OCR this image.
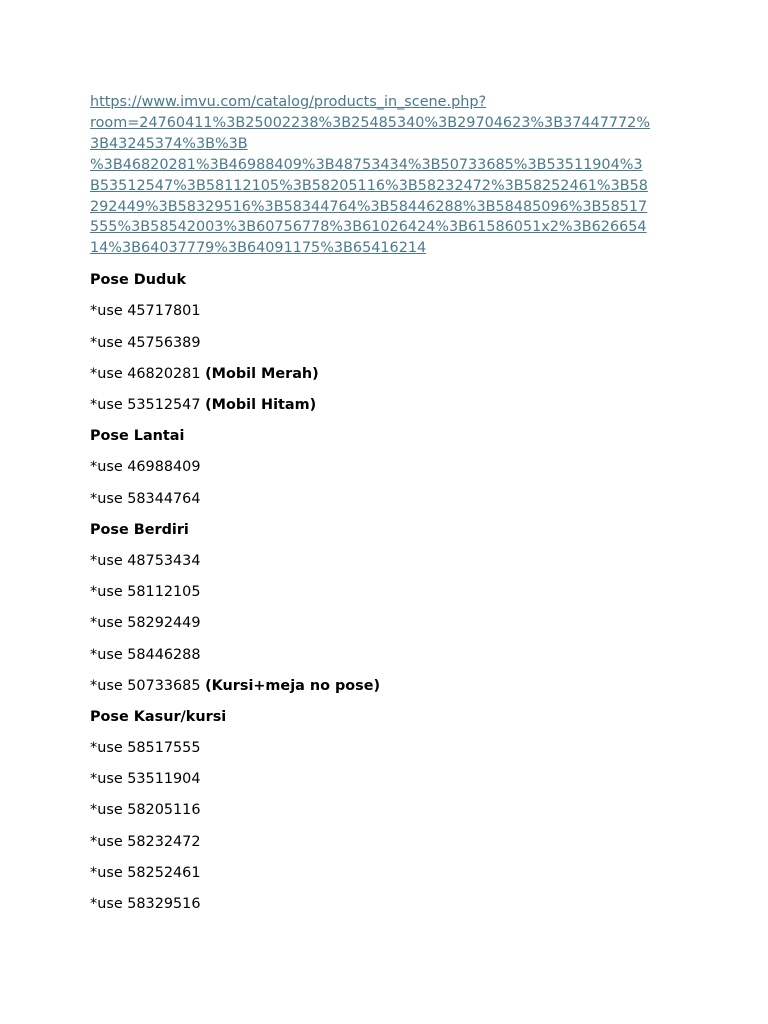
https://www.imvu.com/catalog/products_in_scene.php?
room=24760411%3B25002238%3B25485340%3B29704623%3B37447772%
3B43245374%3B%3B
%3B46820281%3B46988409%3B48753434%3B50733685%3B53511904%3
B53512547%3B58112105%3B58205116%3B58232472%3B58252461%3B58
292449%3B58329516%3B58344764%3B58446288%3B58485096%3B58517
555%3B58542003%3B60756778%3B61026424%3B61586051x2%3B626654
14%3B64037779%3B64091175%3B65416214
Pose Duduk
*use 45717801
*use 45756389
*use 46820281 (Mobil Merah)
*use 53512547 (Mobil Hitam)
Pose Lantai
*use 46988409
*use 58344764
Pose Berdiri
*use 48753434
*use 58112105
*use 58292449
*use 58446288
*use 50733685 (Kursi+meja no pose)
Pose Kasur/kursi
*use 58517555
*use 53511904
*use 58205116
*use 58232472
*use 58252461
*use 58329516
